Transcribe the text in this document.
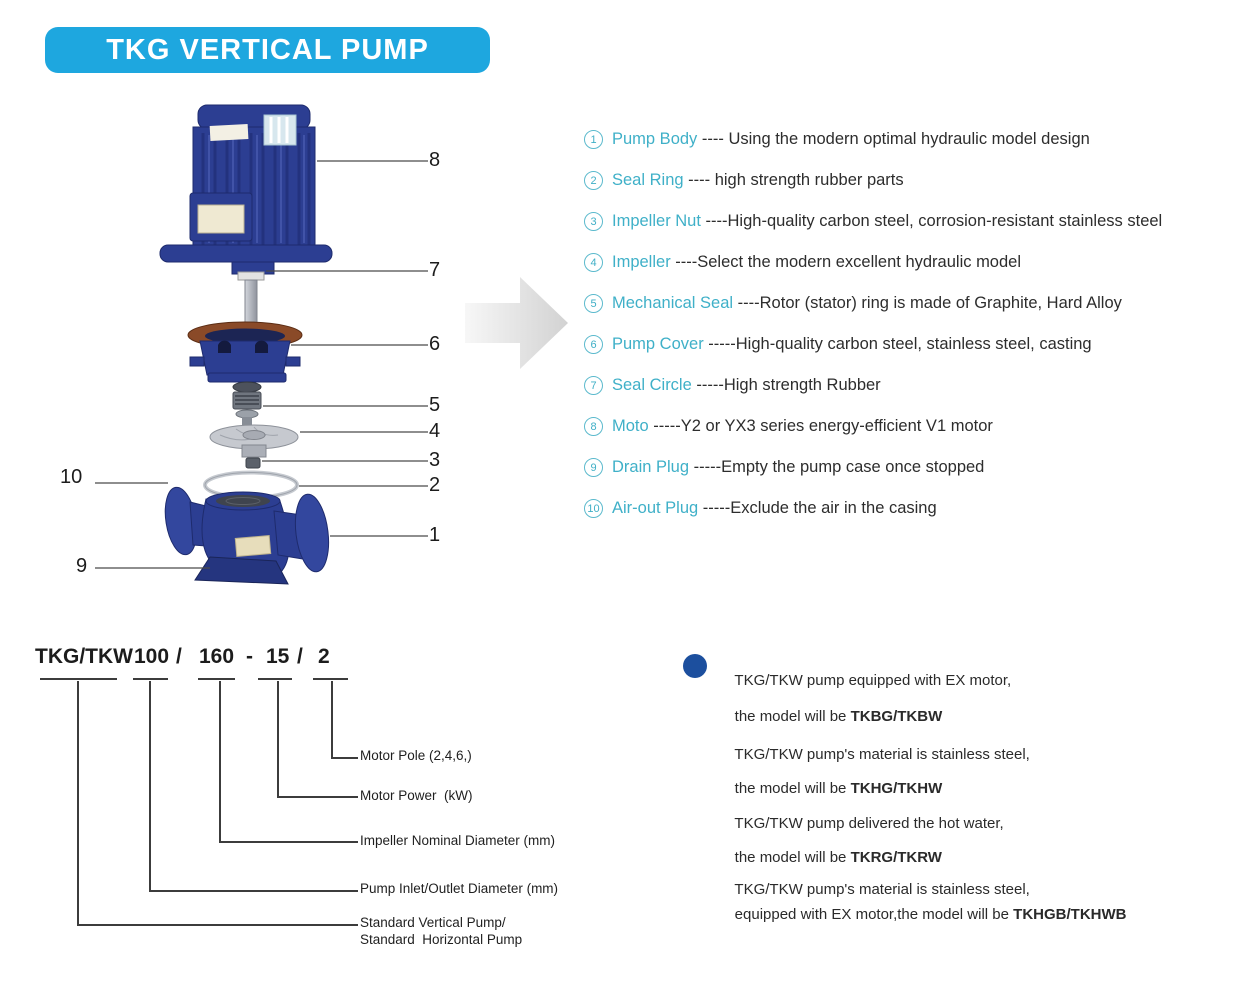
TKG VERTICAL PUMP
8
7
6
5
4
3
2
1
10
9
1 Pump Body ---- Using the modern optimal hydraulic model design
2 Seal Ring ---- high strength rubber parts
3 Impeller Nut ----High-quality carbon steel, corrosion-resistant stainless steel
4 Impeller ----Select the modern excellent hydraulic model
5 Mechanical Seal ----Rotor (stator) ring is made of Graphite, Hard Alloy
6 Pump Cover -----High-quality carbon steel, stainless steel, casting
7 Seal Circle -----High strength Rubber
8 Moto -----Y2 or YX3 series energy-efficient V1 motor
9 Drain Plug -----Empty the pump case once stopped
10 Air-out Plug -----Exclude the air in the casing
TKG/TKW 100 / 160 - 15 / 2
Motor Pole (2,4,6,)
Motor Power  (kW)
Impeller Nominal Diameter (mm)
Pump Inlet/Outlet Diameter (mm)
Standard Vertical Pump/
Standard  Horizontal Pump

TKG/TKW pump equipped with EX motor,

the model will be TKBG/TKBW

TKG/TKW pump's material is stainless steel,

the model will be TKHG/TKHW

TKG/TKW pump delivered the hot water,

the model will be TKRG/TKRW

TKG/TKW pump's material is stainless steel,

equipped with EX motor,the model will be TKHGB/TKHWB
